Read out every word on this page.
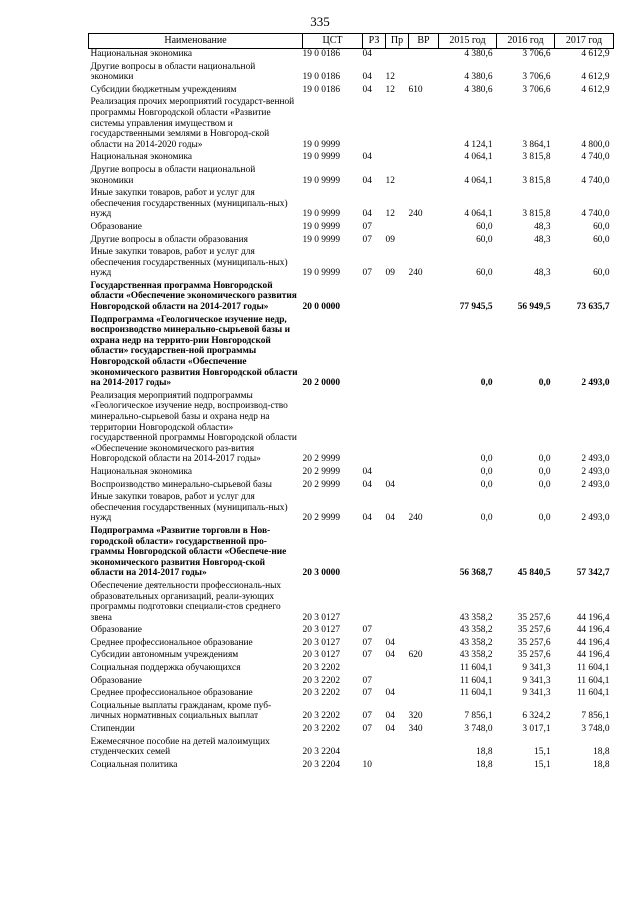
335
Наименование	ЦСТ	РЗ	Пр	ВР	2015 год	2016 год	2017 год
Национальная экономика	19 0 0186	04			4 380,6	3 706,6	4 612,9
Другие вопросы в области национальной экономики	19 0 0186	04	12		4 380,6	3 706,6	4 612,9
Субсидии бюджетным учреждениям	19 0 0186	04	12	610	4 380,6	3 706,6	4 612,9
Реализация прочих мероприятий государст-венной программы Новгородской области «Развитие системы управления имуществом и государственными землями в Новгород-ской области на 2014-2020 годы»	19 0 9999				4 124,1	3 864,1	4 800,0
Национальная экономика	19 0 9999	04			4 064,1	3 815,8	4 740,0
Другие вопросы в области национальной экономики	19 0 9999	04	12		4 064,1	3 815,8	4 740,0
Иные закупки товаров, работ и услуг для обеспечения государственных (муниципаль-ных) нужд	19 0 9999	04	12	240	4 064,1	3 815,8	4 740,0
Образование	19 0 9999	07			60,0	48,3	60,0
Другие вопросы в области образования	19 0 9999	07	09		60,0	48,3	60,0
Иные закупки товаров, работ и услуг для обеспечения государственных (муниципаль-ных) нужд	19 0 9999	07	09	240	60,0	48,3	60,0
Государственная программа Новгородской области «Обеспечение экономического развития Новгородской области на 2014-2017 годы»	20 0 0000				77 945,5	56 949,5	73 635,7
Подпрограмма «Геологическое изучение недр, воспроизводство минерально-сырьевой базы и охрана недр на террито-рии Новгородской области» государствен-ной программы Новгородской области «Обеспечение экономического развития Новгородской области на 2014-2017 годы»	20 2 0000				0,0	0,0	2 493,0
Реализация мероприятий подпрограммы «Геологическое изучение недр, воспроизвод-ство минерально-сырьевой базы и охрана недр на территории Новгородской области» государственной программы Новгородской области «Обеспечение экономического раз-вития Новгородской области на 2014-2017 годы»	20 2 9999				0,0	0,0	2 493,0
Национальная экономика	20 2 9999	04			0,0	0,0	2 493,0
Воспроизводство минерально-сырьевой базы	20 2 9999	04	04		0,0	0,0	2 493,0
Иные закупки товаров, работ и услуг для обеспечения государственных (муниципаль-ных) нужд	20 2 9999	04	04	240	0,0	0,0	2 493,0
Подпрограмма «Развитие торговли в Нов-городской области» государственной про-граммы Новгородской области «Обеспече-ние экономического развития Новгород-ской области на 2014-2017 годы»	20 3 0000				56 368,7	45 840,5	57 342,7
Обеспечение деятельности профессиональ-ных образовательных организаций, реали-зующих программы подготовки специали-стов среднего звена	20 3 0127				43 358,2	35 257,6	44 196,4
Образование	20 3 0127	07			43 358,2	35 257,6	44 196,4
Среднее профессиональное образование	20 3 0127	07	04		43 358,2	35 257,6	44 196,4
Субсидии автономным учреждениям	20 3 0127	07	04	620	43 358,2	35 257,6	44 196,4
Социальная поддержка обучающихся	20 3 2202				11 604,1	9 341,3	11 604,1
Образование	20 3 2202	07			11 604,1	9 341,3	11 604,1
Среднее профессиональное образование	20 3 2202	07	04		11 604,1	9 341,3	11 604,1
Социальные выплаты гражданам, кроме пуб-личных нормативных социальных выплат	20 3 2202	07	04	320	7 856,1	6 324,2	7 856,1
Стипендии	20 3 2202	07	04	340	3 748,0	3 017,1	3 748,0
Ежемесячное пособие на детей малоимущих студенческих семей	20 3 2204				18,8	15,1	18,8
Социальная политика	20 3 2204	10			18,8	15,1	18,8
